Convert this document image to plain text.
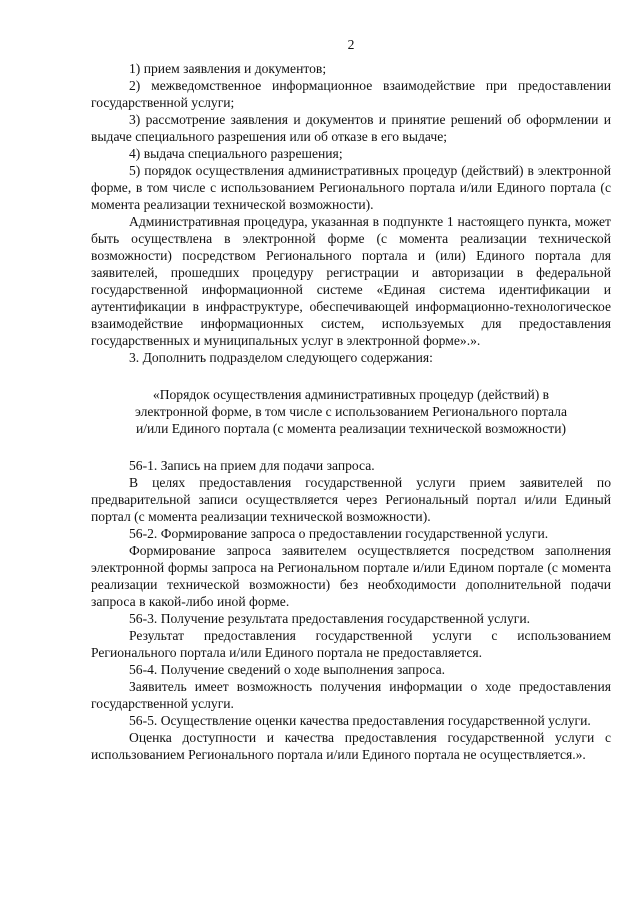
2

1) прием заявления и документов;

2) межведомственное информационное взаимодействие при предоставлении государственной услуги;

3) рассмотрение заявления и документов и принятие решений об оформлении и выдаче специального разрешения или об отказе в его выдаче;

4) выдача специального разрешения;

5) порядок осуществления административных процедур (действий) в электронной форме, в том числе с использованием Регионального портала и/или Единого портала (с момента реализации технической возможности).

Административная процедура, указанная в подпункте 1 настоящего пункта, может быть осуществлена в электронной форме (с момента реализации технической возможности) посредством Регионального портала и (или) Единого портала для заявителей, прошедших процедуру регистрации и авторизации в федеральной государственной информационной системе «Единая система идентификации и аутентификации в инфраструктуре, обеспечивающей информационно-технологическое взаимодействие информационных систем, используемых для предоставления государственных и муниципальных услуг в электронной форме».».

3. Дополнить подразделом следующего содержания:

«Порядок осуществления административных процедур (действий) в электронной форме, в том числе с использованием Регионального портала и/или Единого портала (с момента реализации технической возможности)

56-1. Запись на прием для подачи запроса.

В целях предоставления государственной услуги прием заявителей по предварительной записи осуществляется через Региональный портал и/или Единый портал (с момента реализации технической возможности).

56-2. Формирование запроса о предоставлении государственной услуги.

Формирование запроса заявителем осуществляется посредством заполнения электронной формы запроса на Региональном портале и/или Едином портале (с момента реализации технической возможности) без необходимости дополнительной подачи запроса в какой-либо иной форме.

56-3. Получение результата предоставления государственной услуги.

Результат предоставления государственной услуги с использованием Регионального портала и/или Единого портала не предоставляется.

56-4. Получение сведений о ходе выполнения запроса.

Заявитель имеет возможность получения информации о ходе предоставления государственной услуги.

56-5. Осуществление оценки качества предоставления государственной услуги.

Оценка доступности и качества предоставления государственной услуги с использованием Регионального портала и/или Единого портала не осуществляется.».
